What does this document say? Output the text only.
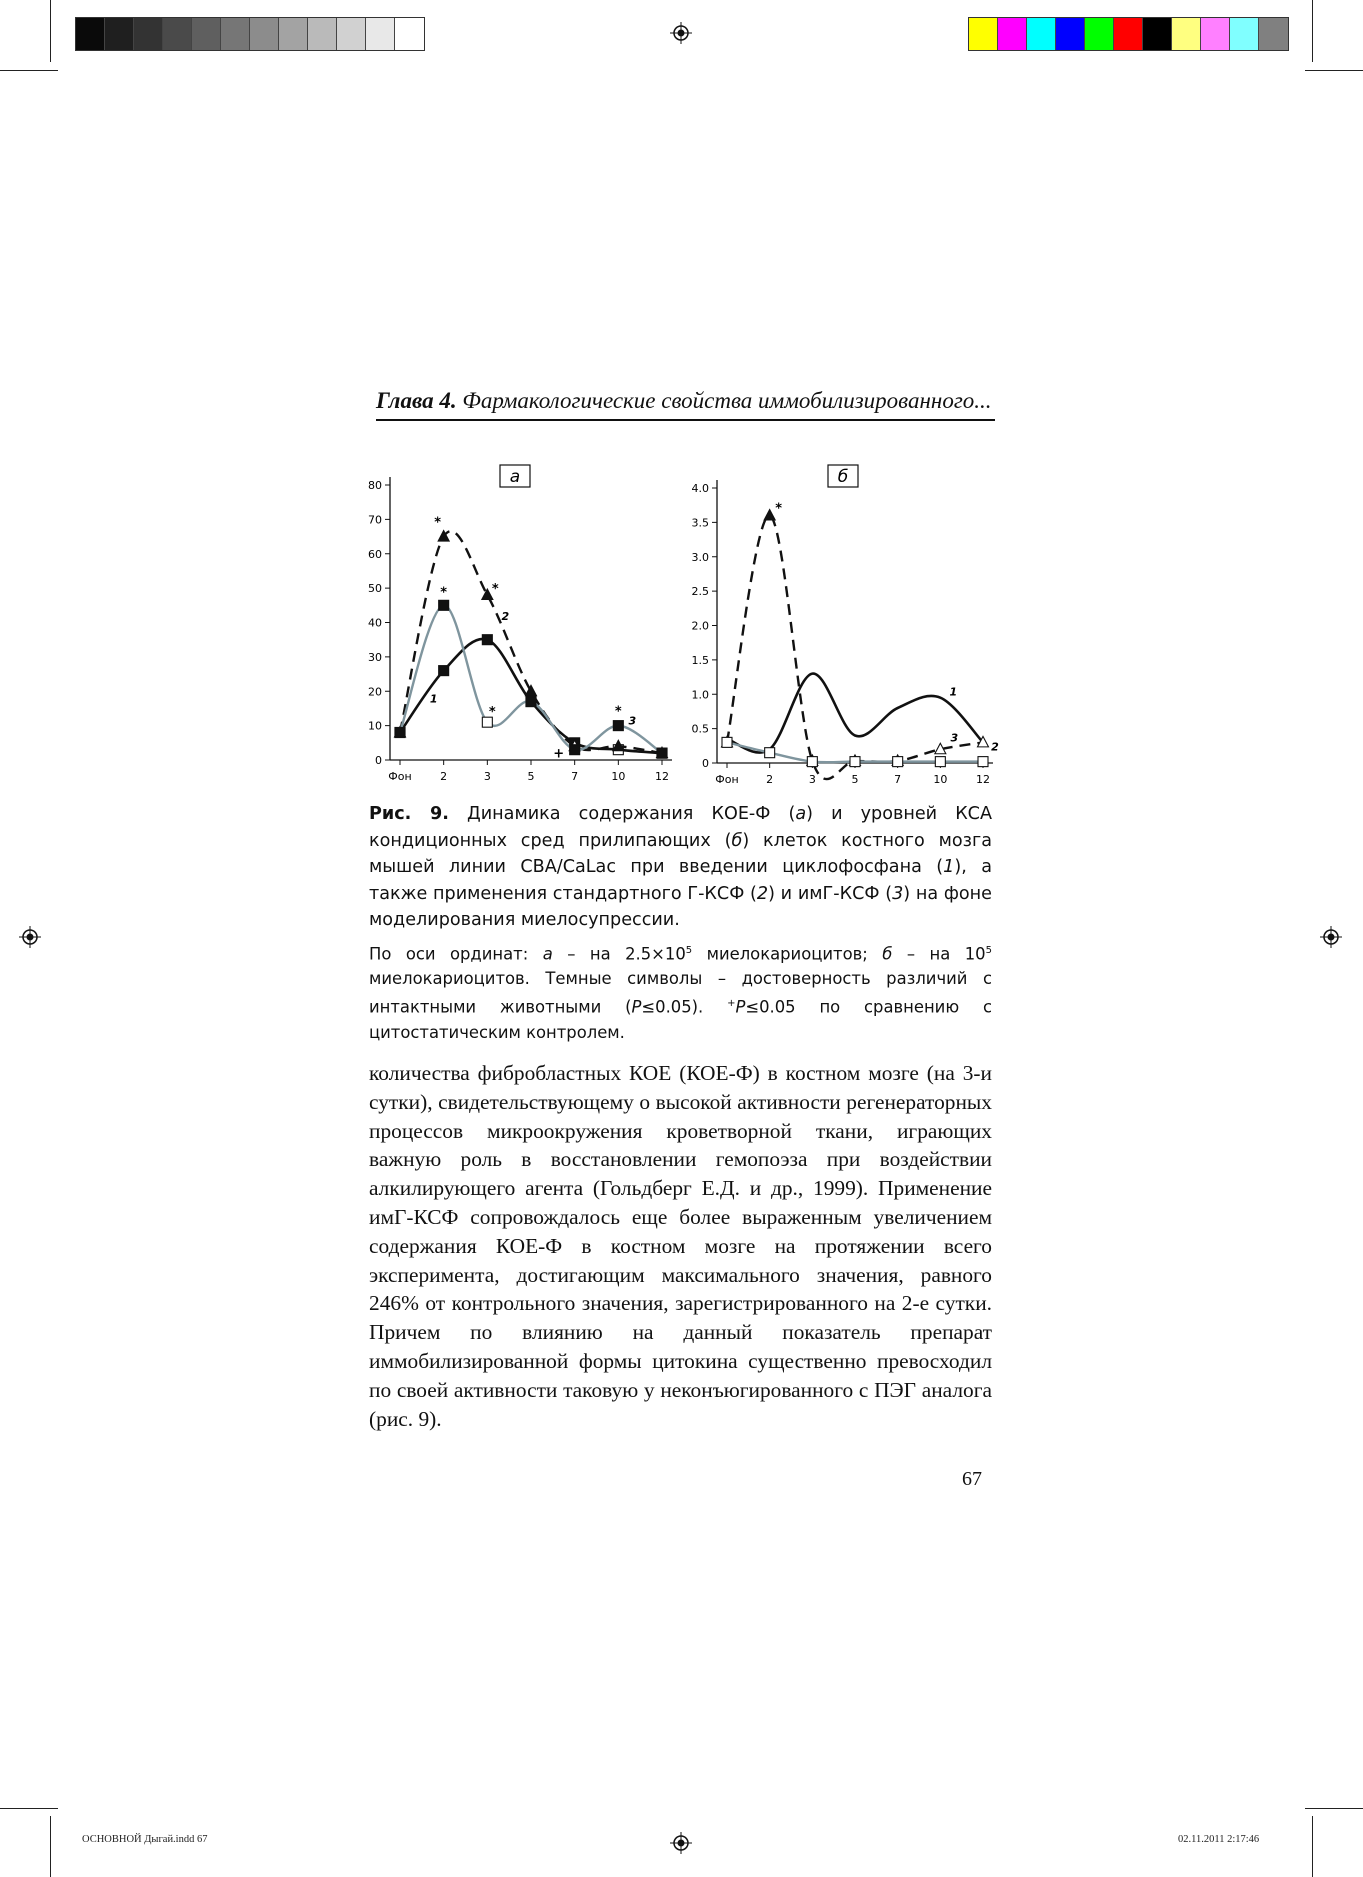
Глава 4. Фармакологические свойства иммобилизированного...
а
0
10
20
30
40
50
60
70
80
Фон	2	3	5	7	10	12
*
*	*
*	*
+
1
2
3
б
0
0.5
1.0
1.5
2.0
2.5
3.0
3.5
4.0
Фон 2	3	5	7	10	12
*
1
3
2
Рис. 9. Динамика содержания КОЕ-Ф (а) и уровней КСА кондиционных сред прилипающих (б) клеток костного мозга мышей линии CBA/CaLac при введении циклофосфана (1), а также применения стандартного Г-КСФ (2) и имГ-КСФ (3) на фоне моделирования миелосупрессии.
По оси ординат: а – на $2.5\times 10^5$ миелокариоцитов; б – на $10^5$ миелокариоцитов. Темные символы – достоверность различий с интактными животными (P≤0.05). +P≤0.05 по сравнению с цитостатическим контролем.
количества фибробластных КОЕ (КОЕ-Ф) в костном мозге (на 3-и сутки), свидетельствующему о высокой активности регенераторных процессов микроокружения кроветворной ткани, играющих важную роль в восстановлении гемопоэза при воздействии алкилирующего агента (Гольдберг Е.Д. и др., 1999). Применение имГ-КСФ сопровождалось еще более выраженным увеличением содержания КОЕ-Ф в костном мозге на протяжении всего эксперимента, достигающим максимального значения, равного 246% от контрольного значения, зарегистрированного на 2-е сутки. Причем по влиянию на данный показатель препарат иммобилизированной формы цитокина существенно превосходил по своей активности таковую у неконъюгированного с ПЭГ аналога (рис. 9).
67
ОСНОВНОЙ Дыгай.indd 67	02.11.2011 2:17:46
